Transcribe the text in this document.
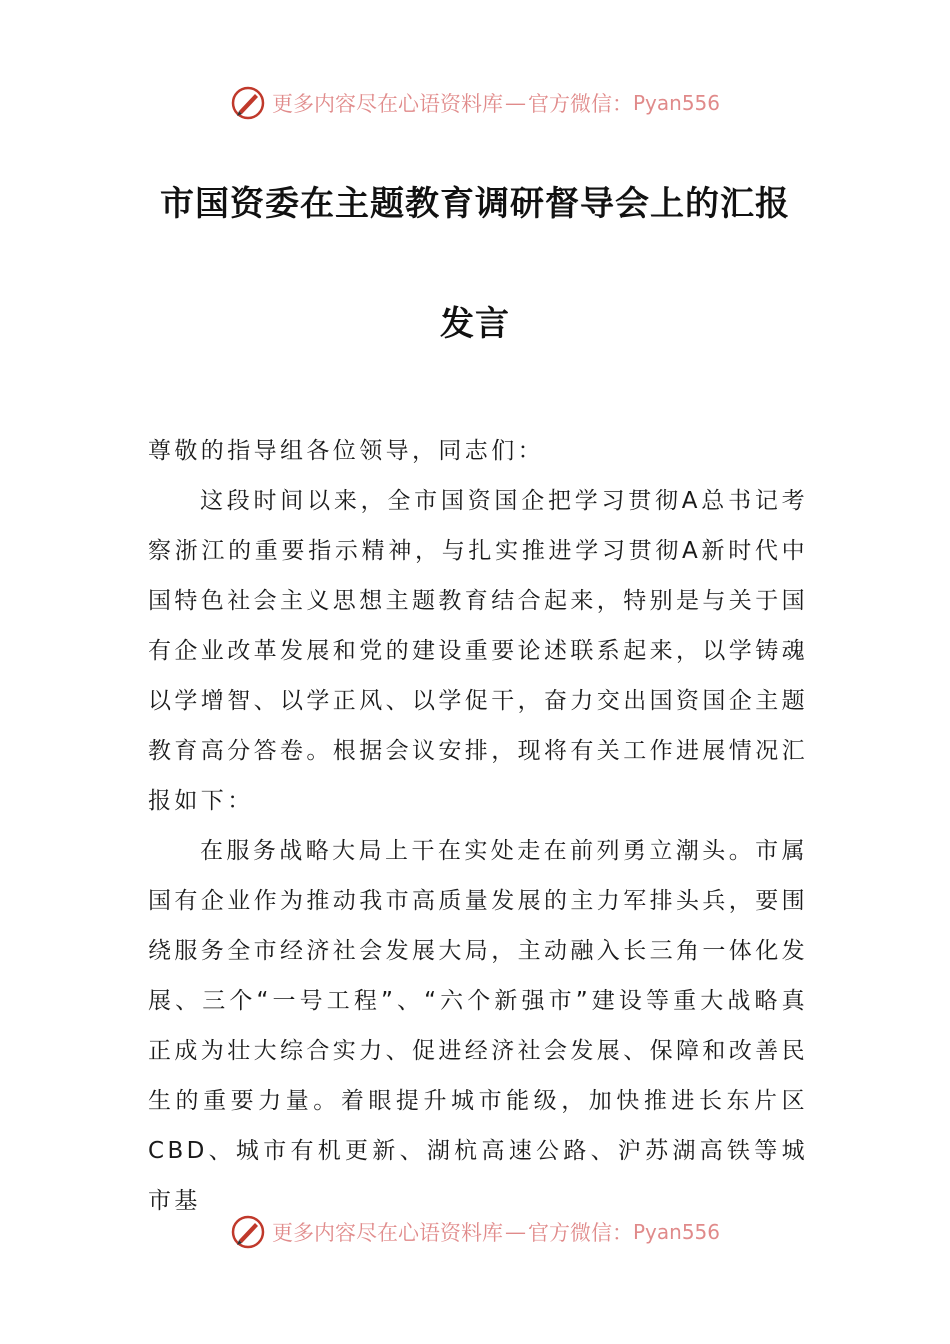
更多内容尽在心语资料库 — 官方微信： Pyan556
市国资委在主题教育调研督导会上的汇报
发言

尊敬的指导组各位领导，同志们：

这段时间以来，全市国资国企把学习贯彻A总书记考察浙江的重要指示精神，与扎实推进学习贯彻A新时代中国特色社会主义思想主题教育结合起来，特别是与关于国有企业改革发展和党的建设重要论述联系起来，以学铸魂以学增智、以学正风、以学促干，奋力交出国资国企主题教育高分答卷。根据会议安排，现将有关工作进展情况汇报如下：

在服务战略大局上干在实处走在前列勇立潮头。市属国有企业作为推动我市高质量发展的主力军排头兵，要围绕服务全市经济社会发展大局，主动融入长三角一体化发展、三个“一号工程”、“六个新强市”建设等重大战略真正成为壮大综合实力、促进经济社会发展、保障和改善民生的重要力量。着眼提升城市能级，加快推进长东片区CBD、城市有机更新、湖杭高速公路、沪苏湖高铁等城市基

更多内容尽在心语资料库 — 官方微信： Pyan556
